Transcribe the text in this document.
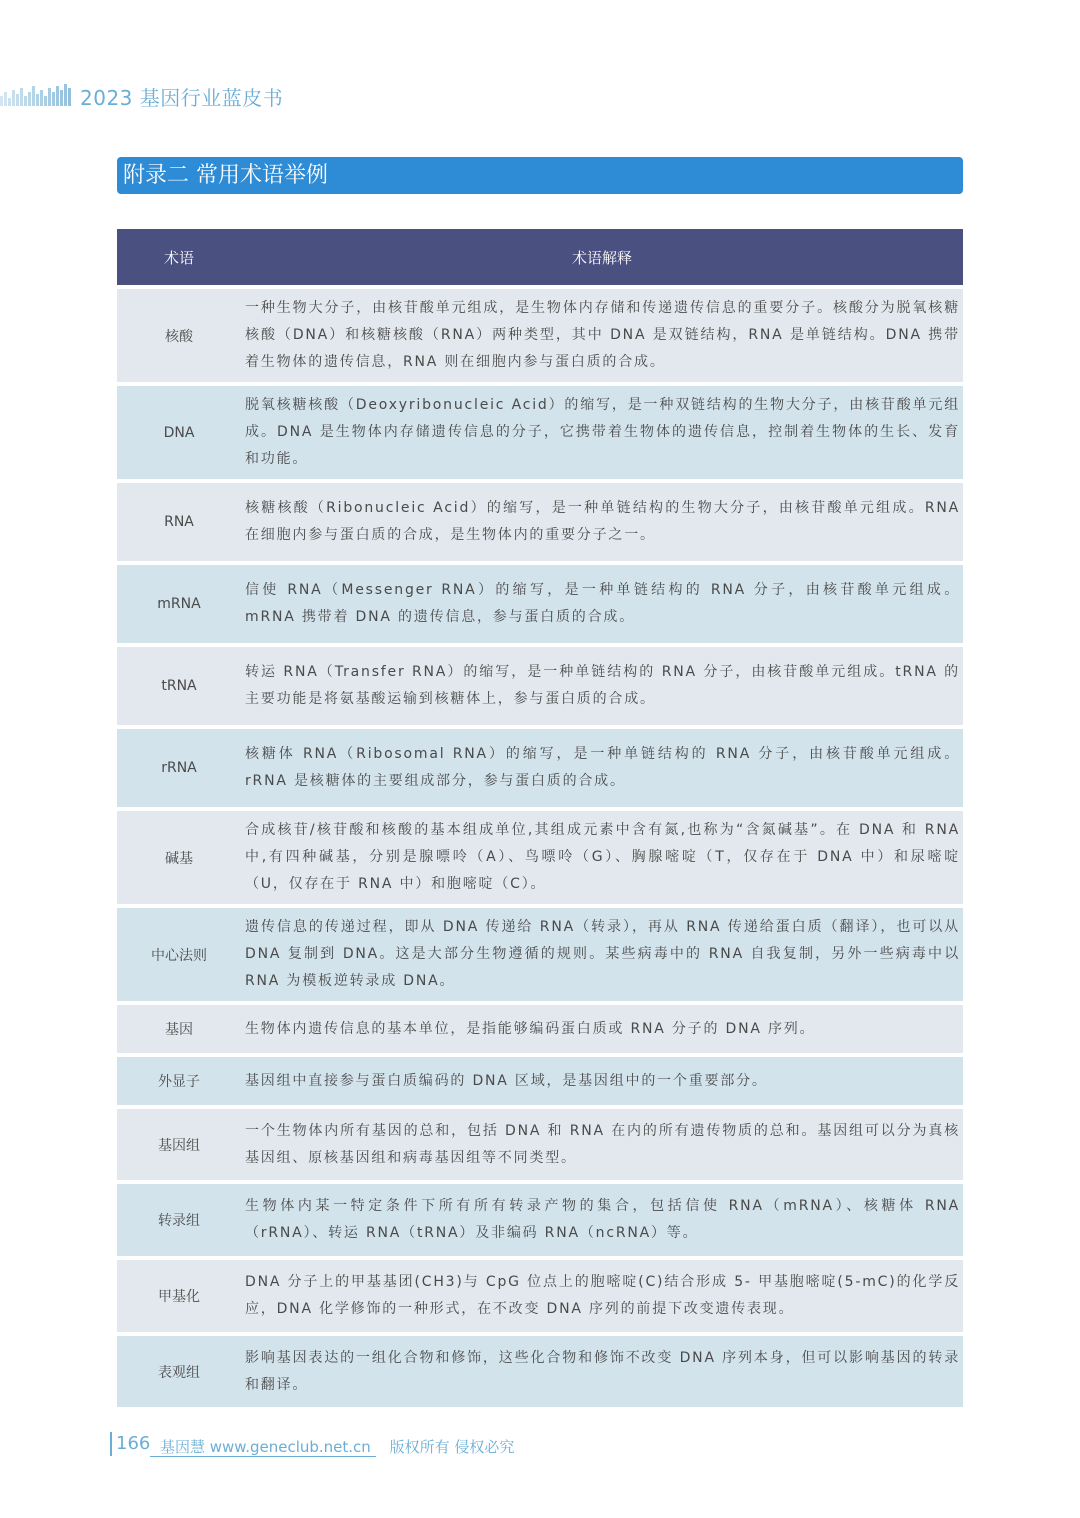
2023 基因行业蓝皮书
附录二 常用术语举例
术语	术语解释
核酸	一种生物大分子，由核苷酸单元组成，是生物体内存储和传递遗传信息的重要分子。核酸分为脱氧核糖核酸（DNA）和核糖核酸（RNA）两种类型，其中 DNA 是双链结构，RNA 是单链结构。DNA 携带着生物体的遗传信息，RNA 则在细胞内参与蛋白质的合成。
DNA	脱氧核糖核酸（Deoxyribonucleic Acid）的缩写，是一种双链结构的生物大分子，由核苷酸单元组成。DNA 是生物体内存储遗传信息的分子，它携带着生物体的遗传信息，控制着生物体的生长、发育和功能。
RNA	核糖核酸（Ribonucleic Acid）的缩写，是一种单链结构的生物大分子，由核苷酸单元组成。RNA 在细胞内参与蛋白质的合成，是生物体内的重要分子之一。
mRNA	信使 RNA（Messenger RNA）的缩写，是一种单链结构的 RNA 分子，由核苷酸单元组成。mRNA 携带着 DNA 的遗传信息，参与蛋白质的合成。
tRNA	转运 RNA（Transfer RNA）的缩写，是一种单链结构的 RNA 分子，由核苷酸单元组成。tRNA 的主要功能是将氨基酸运输到核糖体上，参与蛋白质的合成。
rRNA	核糖体 RNA（Ribosomal RNA）的缩写，是一种单链结构的 RNA 分子，由核苷酸单元组成。rRNA 是核糖体的主要组成部分，参与蛋白质的合成。
碱基	合成核苷/核苷酸和核酸的基本组成单位,其组成元素中含有氮,也称为“含氮碱基”。在 DNA 和 RNA 中,有四种碱基，分别是腺嘌呤（A）、鸟嘌呤（G）、胸腺嘧啶（T，仅存在于 DNA 中）和尿嘧啶（U，仅存在于 RNA 中）和胞嘧啶（C）。
中心法则	遗传信息的传递过程，即从 DNA 传递给 RNA（转录），再从 RNA 传递给蛋白质（翻译），也可以从 DNA 复制到 DNA。这是大部分生物遵循的规则。某些病毒中的 RNA 自我复制，另外一些病毒中以 RNA 为模板逆转录成 DNA。
基因	生物体内遗传信息的基本单位，是指能够编码蛋白质或 RNA 分子的 DNA 序列。
外显子	基因组中直接参与蛋白质编码的 DNA 区域，是基因组中的一个重要部分。
基因组	一个生物体内所有基因的总和，包括 DNA 和 RNA 在内的所有遗传物质的总和。基因组可以分为真核基因组、原核基因组和病毒基因组等不同类型。
转录组	生物体内某一特定条件下所有所有转录产物的集合，包括信使 RNA（mRNA）、核糖体 RNA（rRNA）、转运 RNA（tRNA）及非编码 RNA（ncRNA）等。
甲基化	DNA 分子上的甲基基团(CH3)与 CpG 位点上的胞嘧啶(C)结合形成 5- 甲基胞嘧啶(5-mC)的化学反应，DNA 化学修饰的一种形式，在不改变 DNA 序列的前提下改变遗传表现。
表观组	影响基因表达的一组化合物和修饰，这些化合物和修饰不改变 DNA 序列本身，但可以影响基因的转录和翻译。
166 基因慧 www.geneclub.net.cn 版权所有 侵权必究
